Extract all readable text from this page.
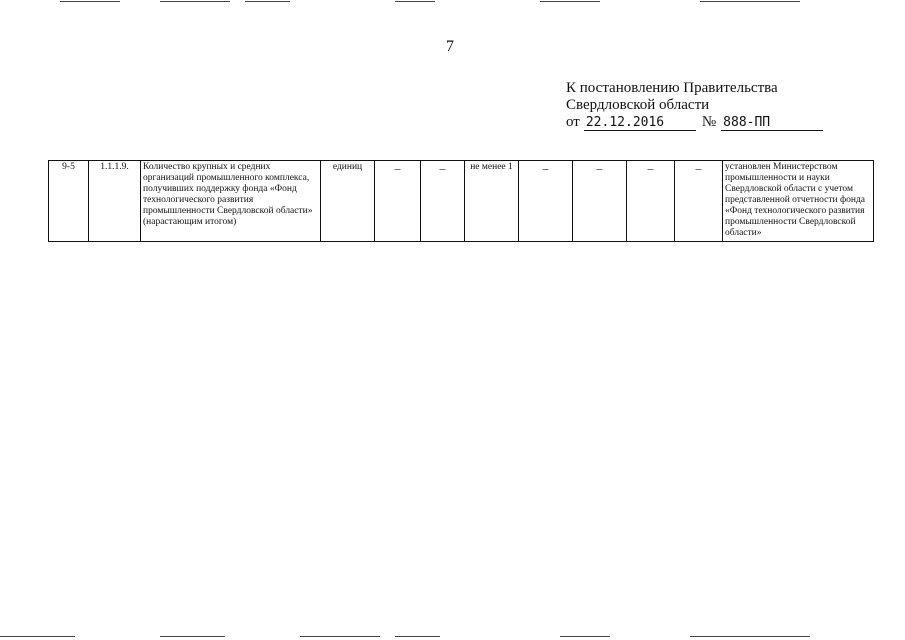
7
К постановлению Правительства
Свердловской области
от 22.12.2016	№ 888-ПП
9-5	1.1.1.9.	Количество крупных и средних организаций промышленного комплекса, получивших поддержку фонда «Фонд технологического развития промышленности Свердловской области» (нарастающим итогом)	единиц	–	–	не менее 1	–	–	–	–	установлен Министерством промышленности и науки Свердловской области с учетом представленной отчетности фонда «Фонд технологического развития промышленности Свердловской области»
